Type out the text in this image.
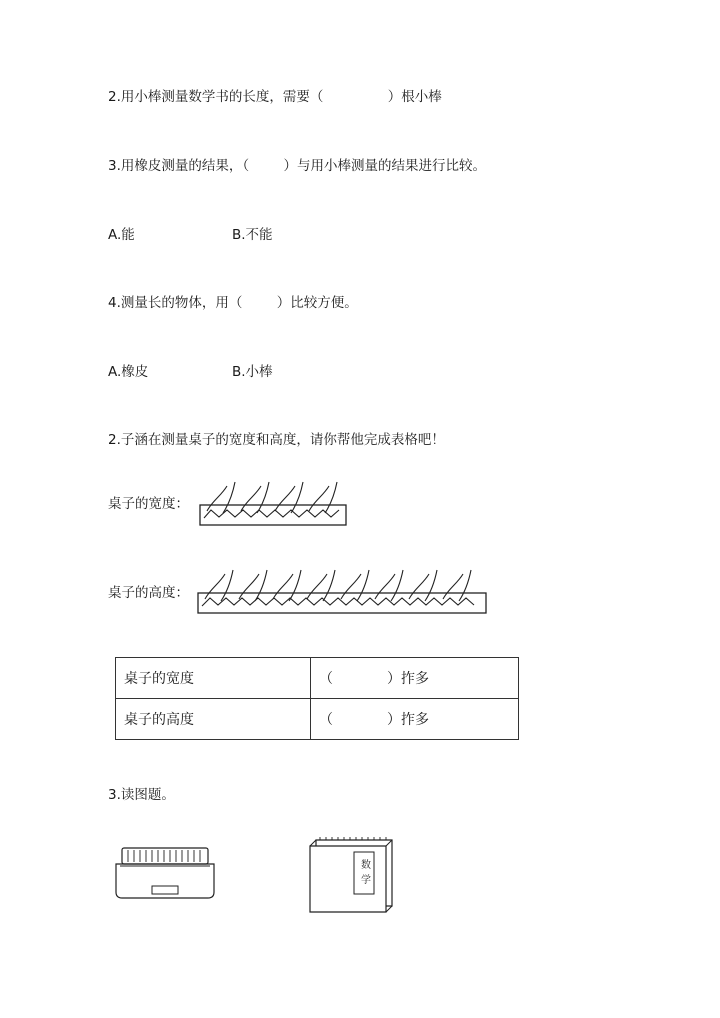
2.用小棒测量数学书的长度，需要（               ）根小棒
3.用橡皮测量的结果，（        ）与用小棒测量的结果进行比较。
A.能	B.不能
4.测量长的物体，用（        ）比较方便。
A.橡皮	B.小棒
2.子涵在测量桌子的宽度和高度，请你帮他完成表格吧！
桌子的宽度：
桌子的高度：
桌子的宽度	（ ）拃多
桌子的高度	（ ）拃多
3.读图题。
数学
